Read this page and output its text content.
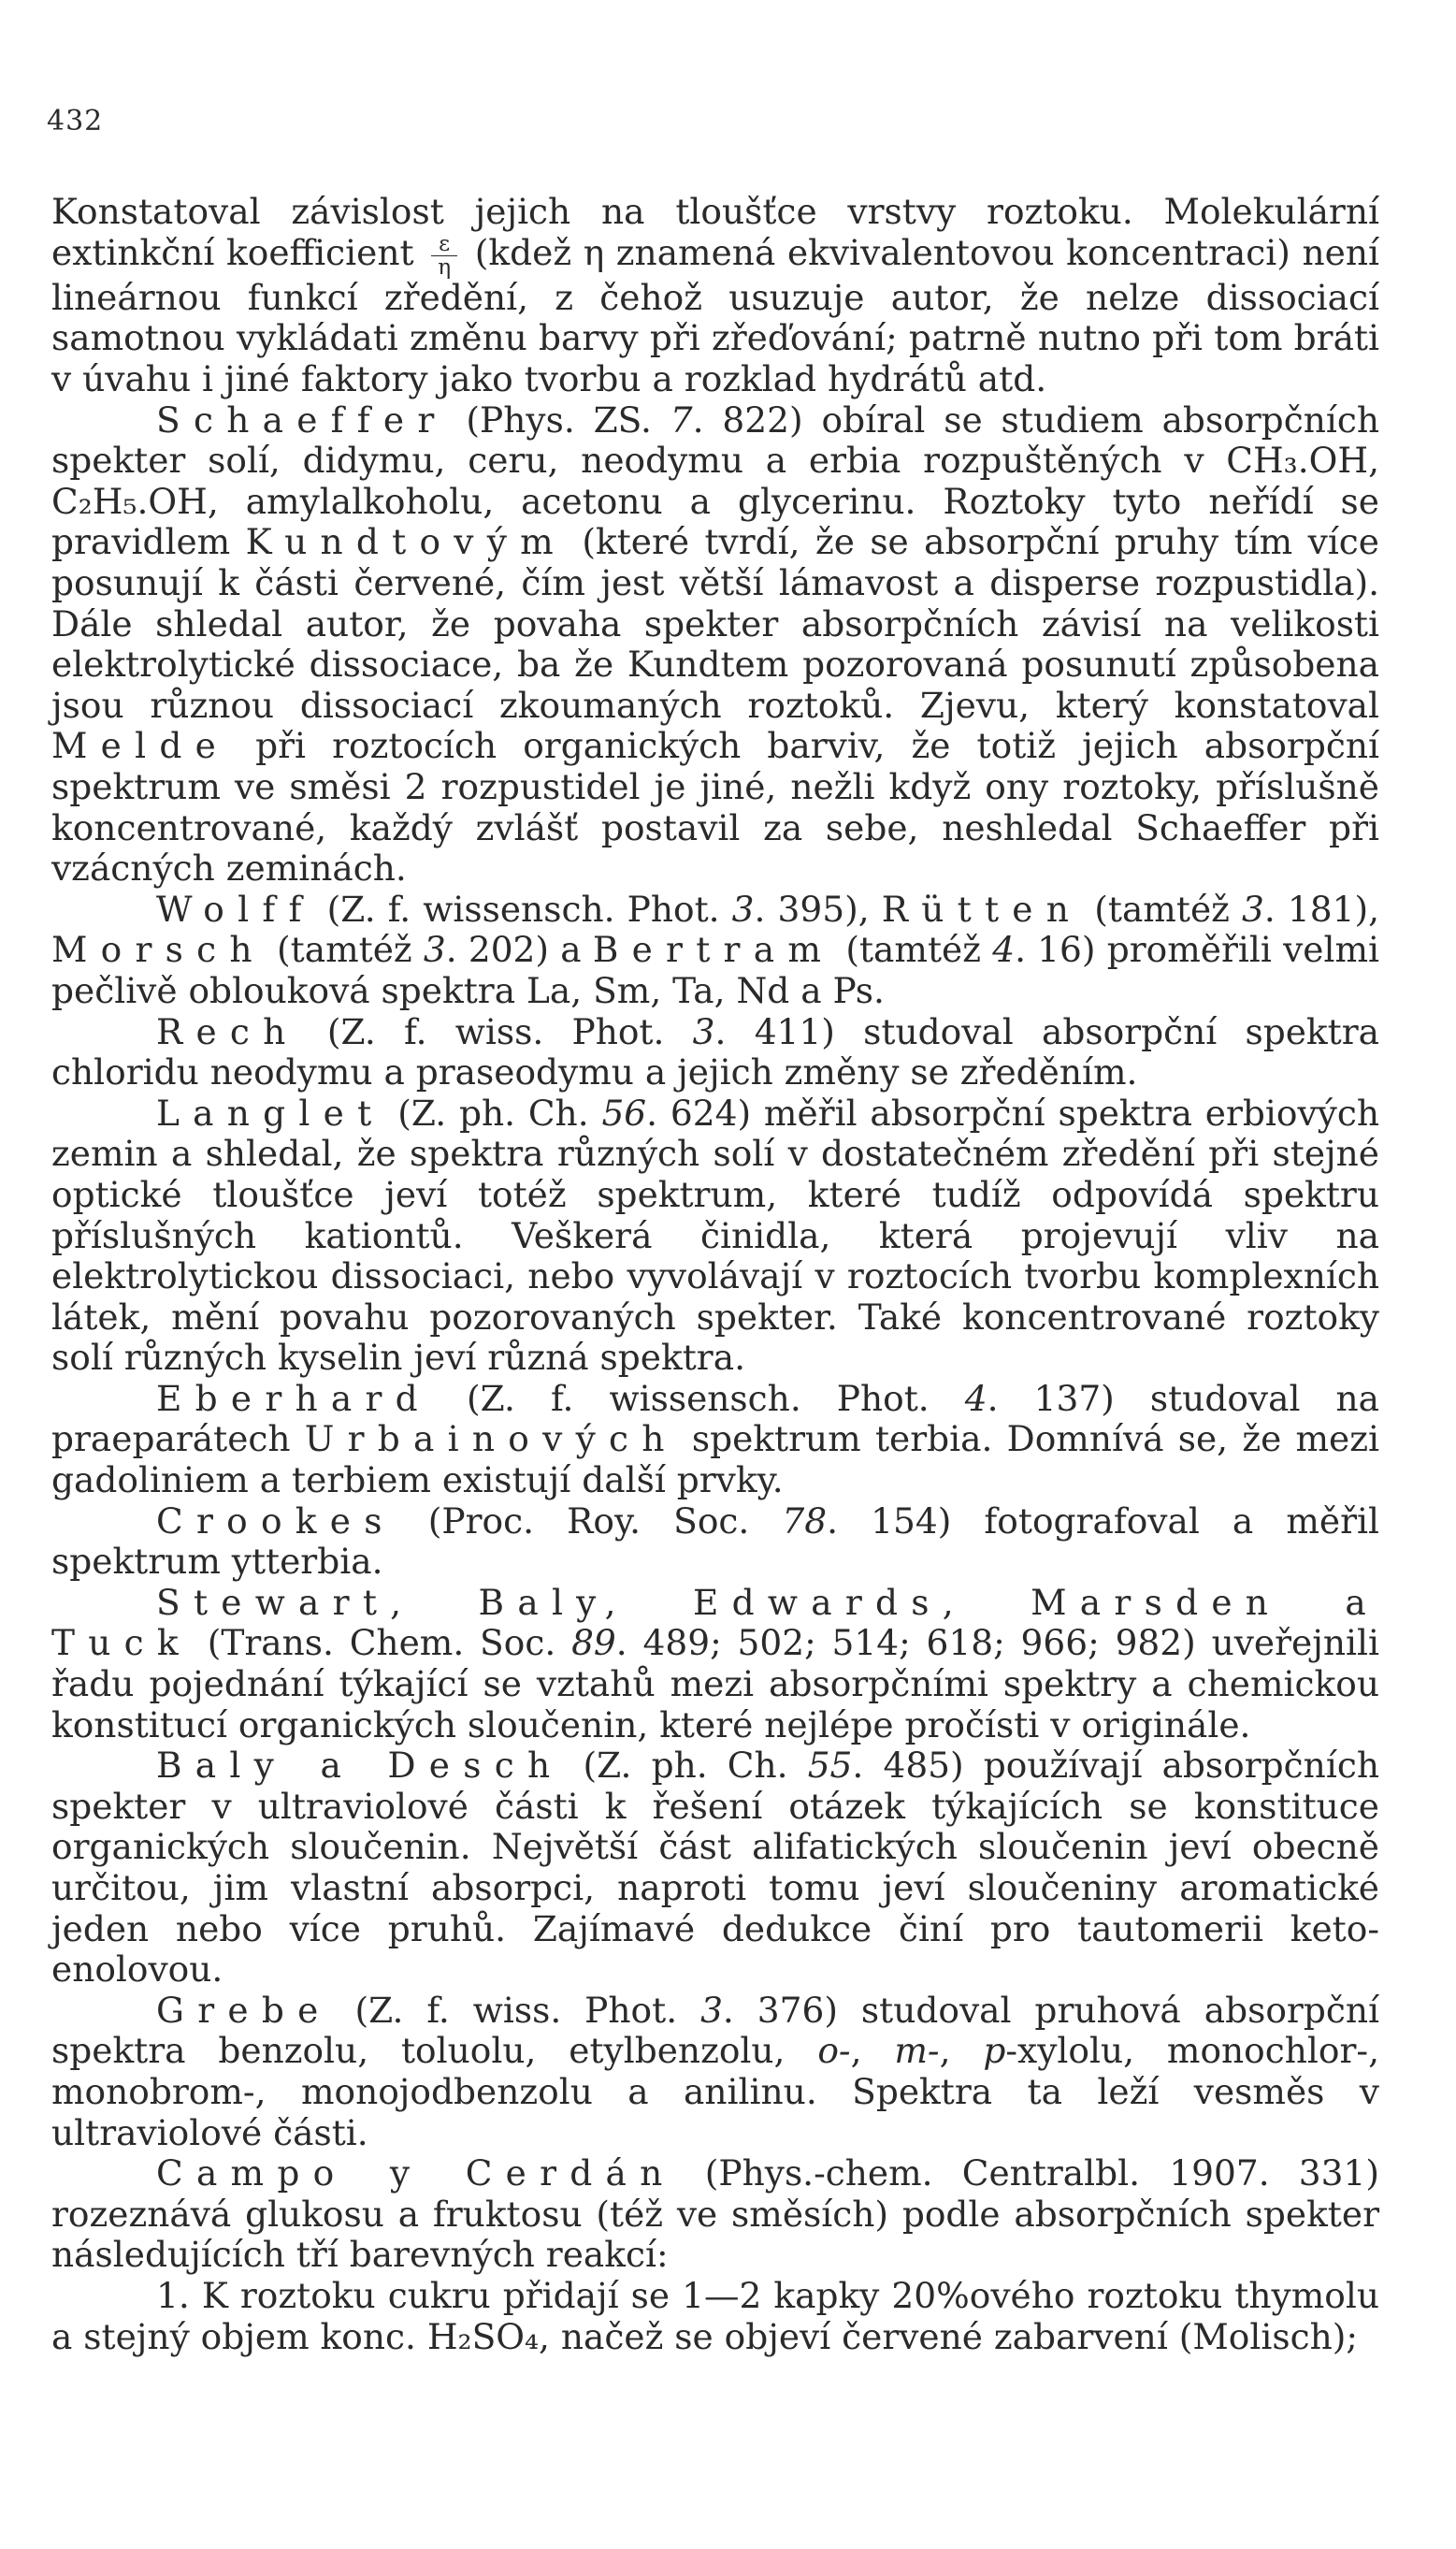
432

Konstatoval závislost jejich na tloušťce vrstvy roztoku. Molekulární extinkční koefficient $\frac{\varepsilon}{\eta}$ (kdež η znamená ekvivalentovou koncentraci) není lineárnou funkcí zředění, z čehož usuzuje autor, že nelze dissociací samotnou vykládati změnu barvy při zřeďování; patrně nutno při tom bráti v úvahu i jiné faktory jako tvorbu a rozklad hydrátů atd.

Schaeffer (Phys. ZS. 7. 822) obíral se studiem absorpčních spekter solí, didymu, ceru, neodymu a erbia rozpuštěných v CH₃.OH, C₂H₅.OH, amylalkoholu, acetonu a glycerinu. Roztoky tyto neřídí se pravidlem Kundtovým (které tvrdí, že se absorpční pruhy tím více posunují k části červené, čím jest větší lámavost a disperse rozpustidla). Dále shledal autor, že povaha spekter absorpčních závisí na velikosti elektrolytické dissociace, ba že Kundtem pozorovaná posunutí způsobena jsou různou dissociací zkoumaných roztoků. Zjevu, který konstatoval Melde při roztocích organických barviv, že totiž jejich absorpční spektrum ve směsi 2 rozpustidel je jiné, nežli když ony roztoky, příslušně koncentrované, každý zvlášť postavil za sebe, neshledal Schaeffer při vzácných zeminách.

Wolff (Z. f. wissensch. Phot. 3. 395), Rütten (tamtéž 3. 181), Morsch (tamtéž 3. 202) a Bertram (tamtéž 4. 16) proměřili velmi pečlivě oblouková spektra La, Sm, Ta, Nd a Ps.

Rech (Z. f. wiss. Phot. 3. 411) studoval absorpční spektra chloridu neodymu a praseodymu a jejich změny se zředěním.

Langlet (Z. ph. Ch. 56. 624) měřil absorpční spektra erbiových zemin a shledal, že spektra různých solí v dostatečném zředění při stejné optické tloušťce jeví totéž spektrum, které tudíž odpovídá spektru příslušných kationtů. Veškerá činidla, která projevují vliv na elektrolytickou dissociaci, nebo vyvolávají v roztocích tvorbu komplexních látek, mění povahu pozorovaných spekter. Také koncentrované roztoky solí různých kyselin jeví různá spektra.

Eberhard (Z. f. wissensch. Phot. 4. 137) studoval na praeparátech Urbainových spektrum terbia. Domnívá se, že mezi gadoliniem a terbiem existují další prvky.

Crookes (Proc. Roy. Soc. 78. 154) fotografoval a měřil spektrum ytterbia.

Stewart, Baly, Edwards, Marsden a Tuck (Trans. Chem. Soc. 89. 489; 502; 514; 618; 966; 982) uveřejnili řadu pojednání týkající se vztahů mezi absorpčními spektry a chemickou konstitucí organických sloučenin, které nejlépe pročísti v originále.

Baly a Desch (Z. ph. Ch. 55. 485) používají absorpčních spekter v ultraviolové části k řešení otázek týkajících se konstituce organických sloučenin. Největší část alifatických sloučenin jeví obecně určitou, jim vlastní absorpci, naproti tomu jeví sloučeniny aromatické jeden nebo více pruhů. Zajímavé dedukce činí pro tautomerii keto-enolovou.

Grebe (Z. f. wiss. Phot. 3. 376) studoval pruhová absorpční spektra benzolu, toluolu, etylbenzolu, o-, m-, p-xylolu, monochlor-, monobrom-, monojodbenzolu a anilinu. Spektra ta leží vesměs v ultraviolové části.

Campo y Cerdán (Phys.-chem. Centralbl. 1907. 331) rozeznává glukosu a fruktosu (též ve směsích) podle absorpčních spekter následujících tří barevných reakcí:

1. K roztoku cukru přidají se 1—2 kapky 20%ového roztoku thymolu a stejný objem konc. H₂SO₄, načež se objeví červené zabarvení (Molisch);
